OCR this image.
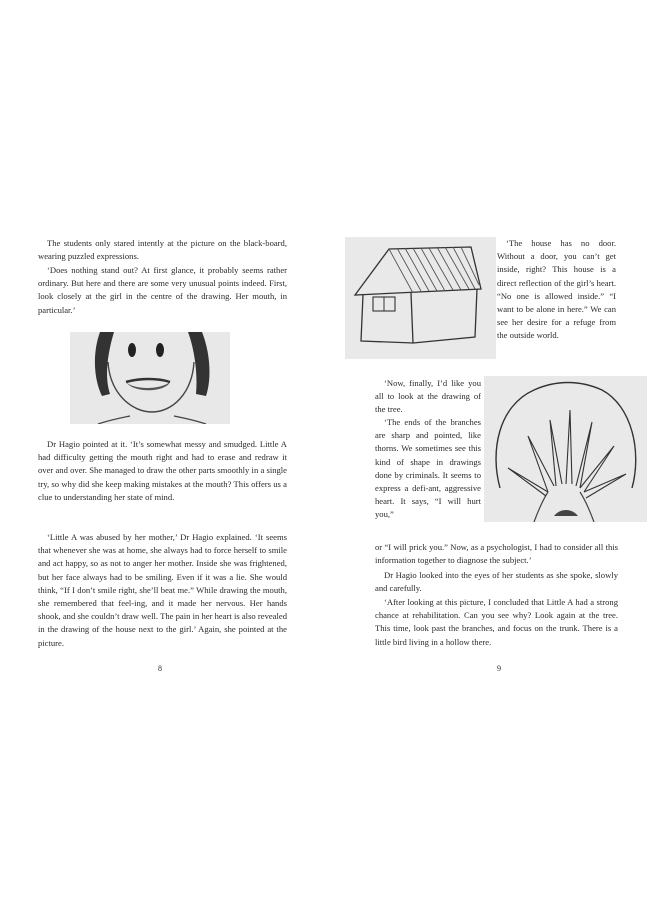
The students only stared intently at the picture on the black-board, wearing puzzled expressions.

‘Does nothing stand out? At first glance, it probably seems rather ordinary. But here and there are some very unusual points indeed. First, look closely at the girl in the centre of the drawing. Her mouth, in particular.’

Dr Hagio pointed at it. ‘It’s somewhat messy and smudged. Little A had difficulty getting the mouth right and had to erase and redraw it over and over. She managed to draw the other parts smoothly in a single try, so why did she keep making mistakes at the mouth? This offers us a clue to understanding her state of mind.

‘Little A was abused by her mother,’ Dr Hagio explained. ‘It seems that whenever she was at home, she always had to force herself to smile and act happy, so as not to anger her mother. Inside she was frightened, but her face always had to be smiling. Even if it was a lie. She would think, “If I don’t smile right, she’ll beat me.” While drawing the mouth, she remembered that feel-ing, and it made her nervous. Her hands shook, and she couldn’t draw well. The pain in her heart is also revealed in the drawing of the house next to the girl.’ Again, she pointed at the picture.

8

‘The house has no door. Without a door, you can’t get inside, right? This house is a direct reflection of the girl’s heart. “No one is allowed inside.” “I want to be alone in here.” We can see her desire for a refuge from the outside world.

‘Now, finally, I’d like you all to look at the drawing of the tree.

‘The ends of the branches are sharp and pointed, like thorns. We sometimes see this kind of shape in drawings done by criminals. It seems to express a defi-ant, aggressive heart. It says, “I will hurt you,”

or “I will prick you.” Now, as a psychologist, I had to consider all this information together to diagnose the subject.’

Dr Hagio looked into the eyes of her students as she spoke, slowly and carefully.

‘After looking at this picture, I concluded that Little A had a strong chance at rehabilitation. Can you see why? Look again at the tree. This time, look past the branches, and focus on the trunk. There is a little bird living in a hollow there.

9
